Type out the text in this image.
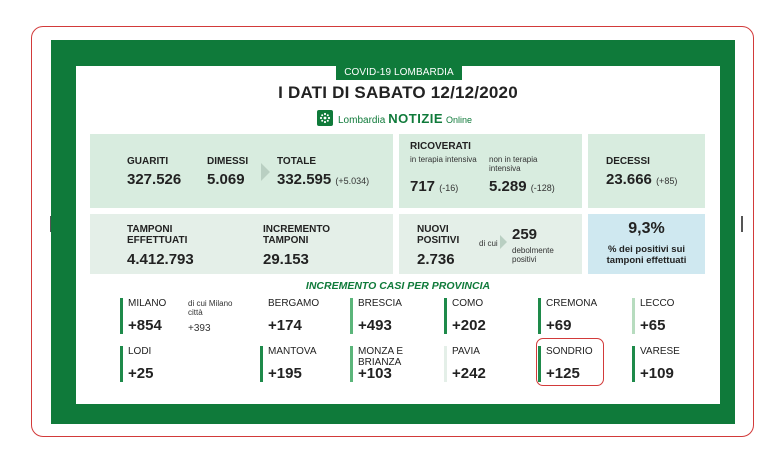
COVID-19 LOMBARDIA
I DATI DI SABATO 12/12/2020
Lombardia NOTIZIE Online
GUARITI
327.526
DIMESSI
5.069
TOTALE
332.595 (+5.034)
RICOVERATI
in terapia intensiva
717 (-16)
non in terapia intensiva
5.289 (-128)
DECESSI
23.666 (+85)
TAMPONI EFFETTUATI
4.412.793
INCREMENTO TAMPONI
29.153
NUOVI POSITIVI
2.736
di cui
259
debolmente positivi
9,3%
% dei positivi sui tamponi effettuati
INCREMENTO CASI PER PROVINCIA
MILANO
+854
di cui Milano città
+393
BERGAMO
+174
BRESCIA
+493
COMO
+202
CREMONA
+69
LECCO
+65
LODI
+25
MANTOVA
+195
MONZA E BRIANZA
+103
PAVIA
+242
SONDRIO
+125
VARESE
+109
